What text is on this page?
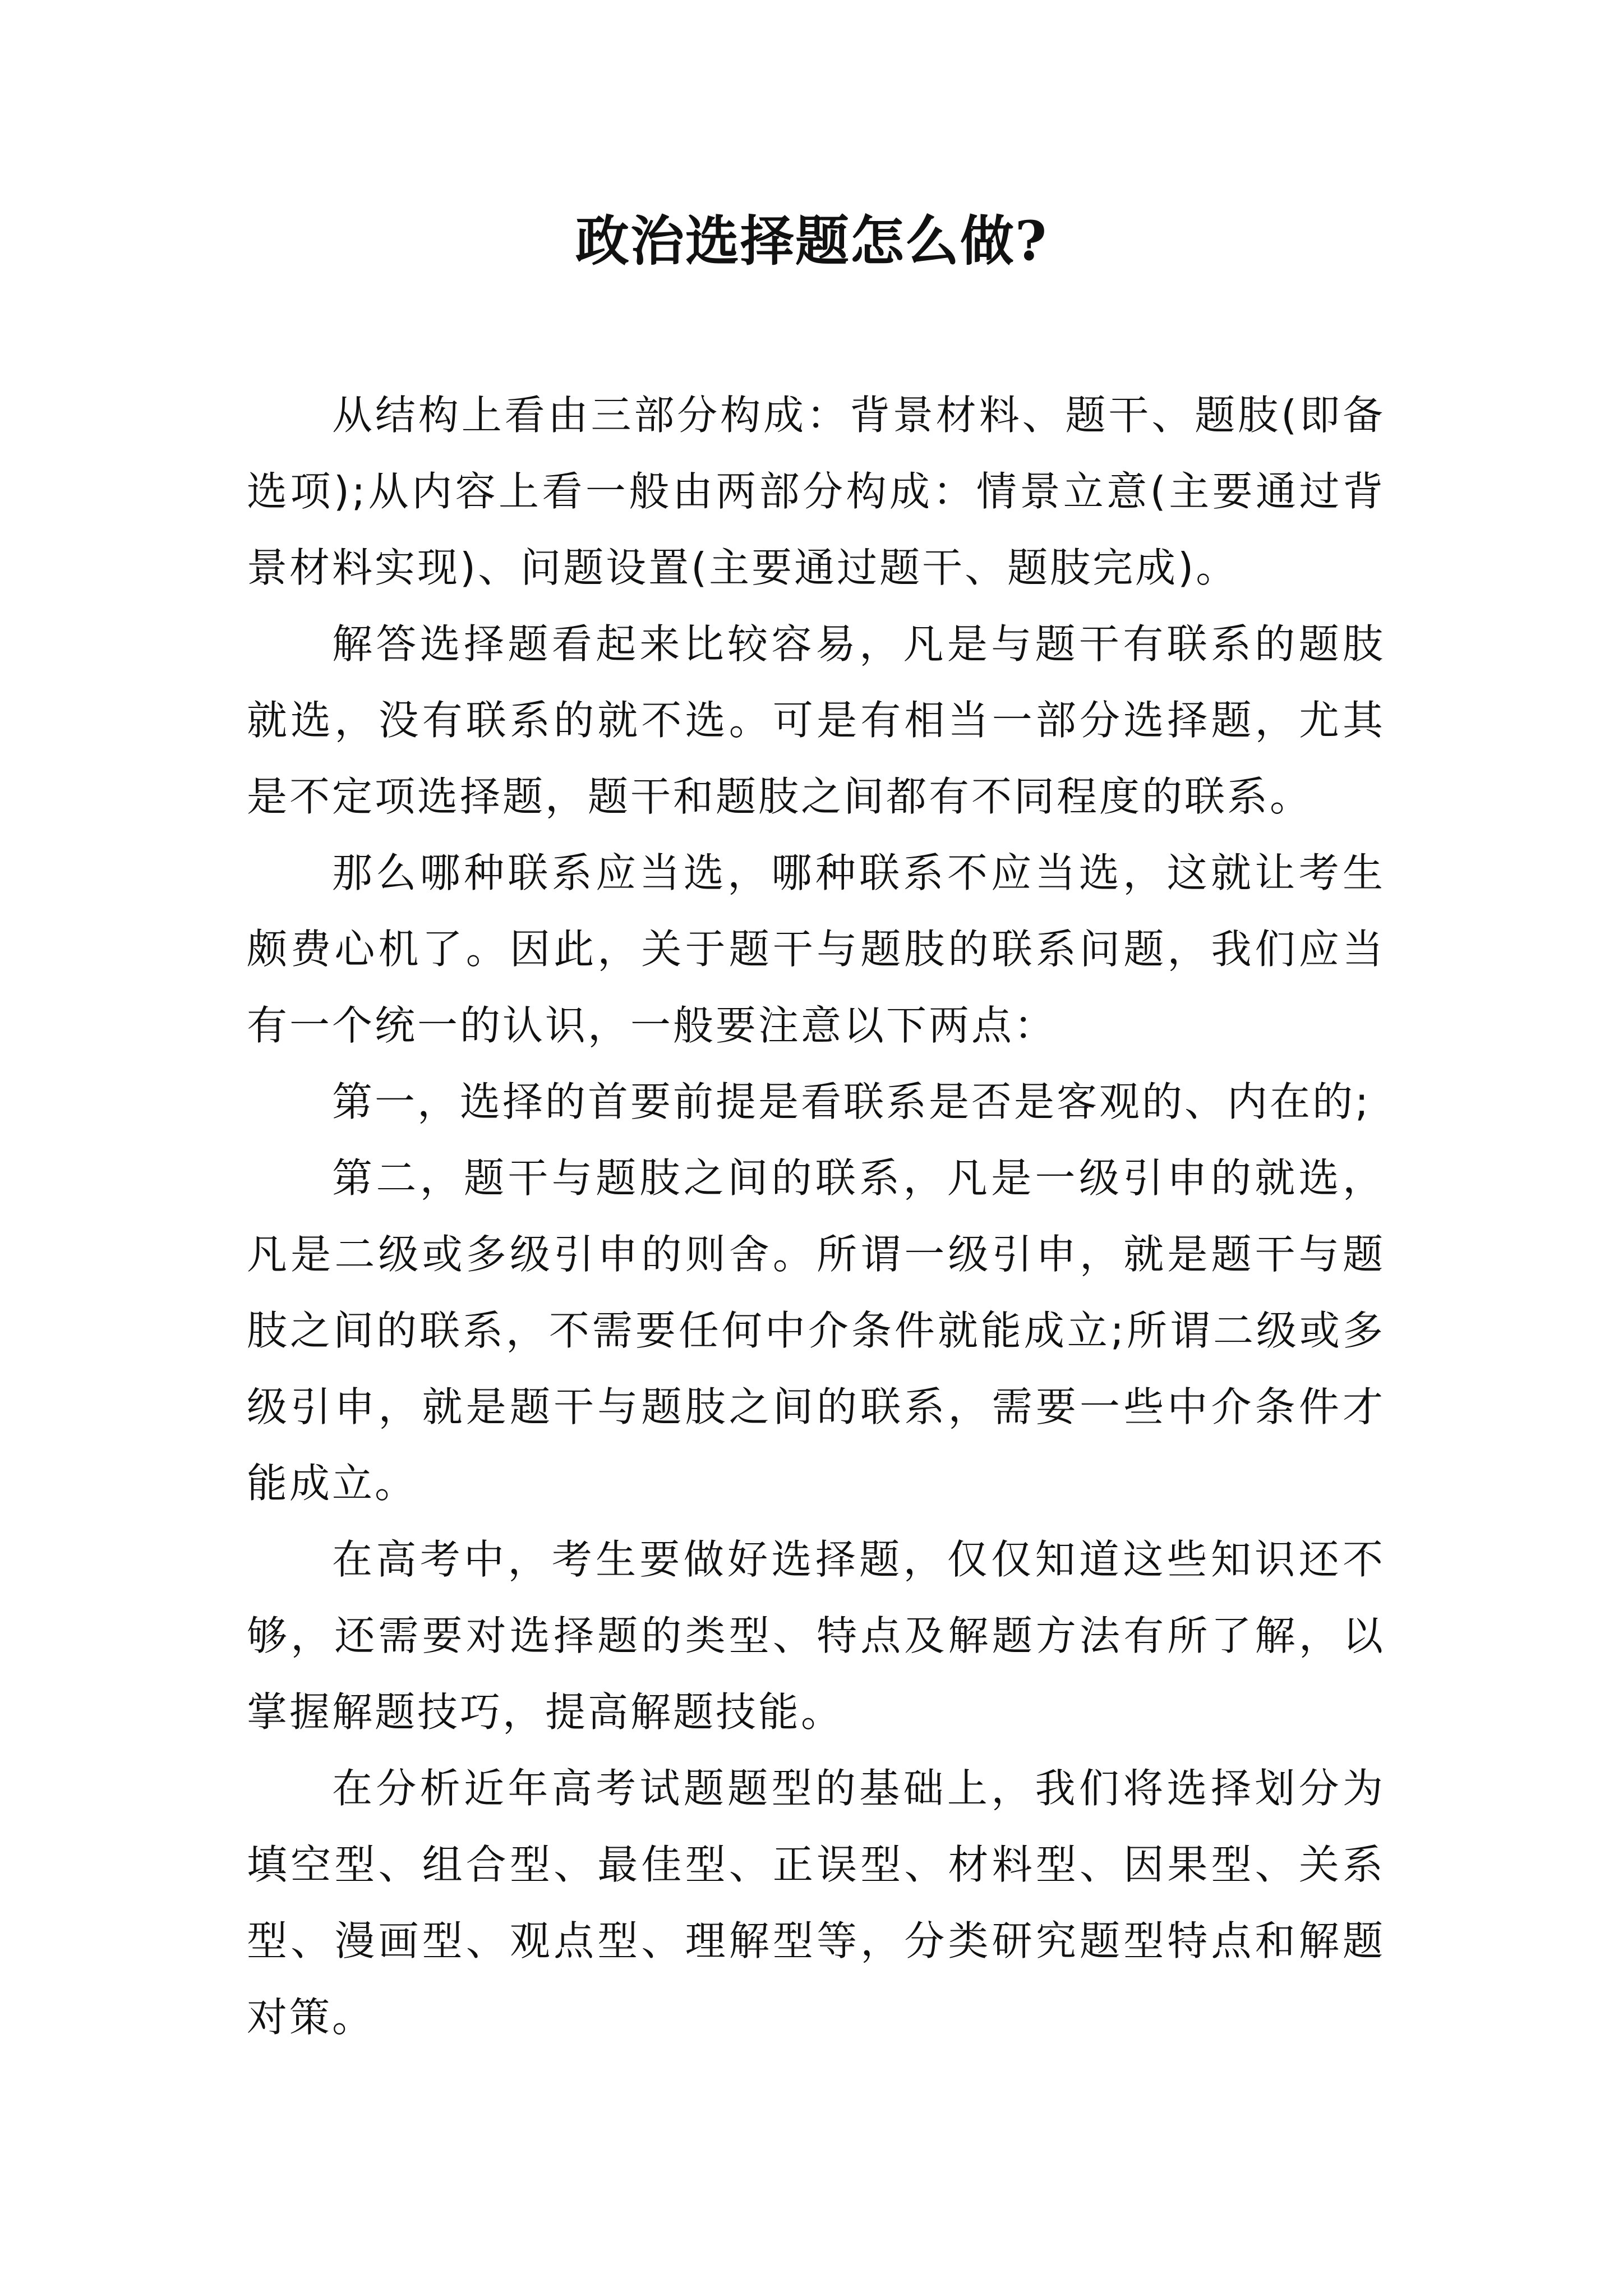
政治选择题怎么做?

从结构上看由三部分构成：背景材料、题干、题肢(即备选项);从内容上看一般由两部分构成：情景立意(主要通过背景材料实现)、问题设置(主要通过题干、题肢完成)。

解答选择题看起来比较容易，凡是与题干有联系的题肢就选，没有联系的就不选。可是有相当一部分选择题，尤其是不定项选择题，题干和题肢之间都有不同程度的联系。

那么哪种联系应当选，哪种联系不应当选，这就让考生颇费心机了。因此，关于题干与题肢的联系问题，我们应当有一个统一的认识，一般要注意以下两点：

第一，选择的首要前提是看联系是否是客观的、内在的;

第二，题干与题肢之间的联系，凡是一级引申的就选，凡是二级或多级引申的则舍。所谓一级引申，就是题干与题肢之间的联系，不需要任何中介条件就能成立;所谓二级或多级引申，就是题干与题肢之间的联系，需要一些中介条件才能成立。

在高考中，考生要做好选择题，仅仅知道这些知识还不够，还需要对选择题的类型、特点及解题方法有所了解，以掌握解题技巧，提高解题技能。

在分析近年高考试题题型的基础上，我们将选择划分为填空型、组合型、最佳型、正误型、材料型、因果型、关系型、漫画型、观点型、理解型等，分类研究题型特点和解题对策。
